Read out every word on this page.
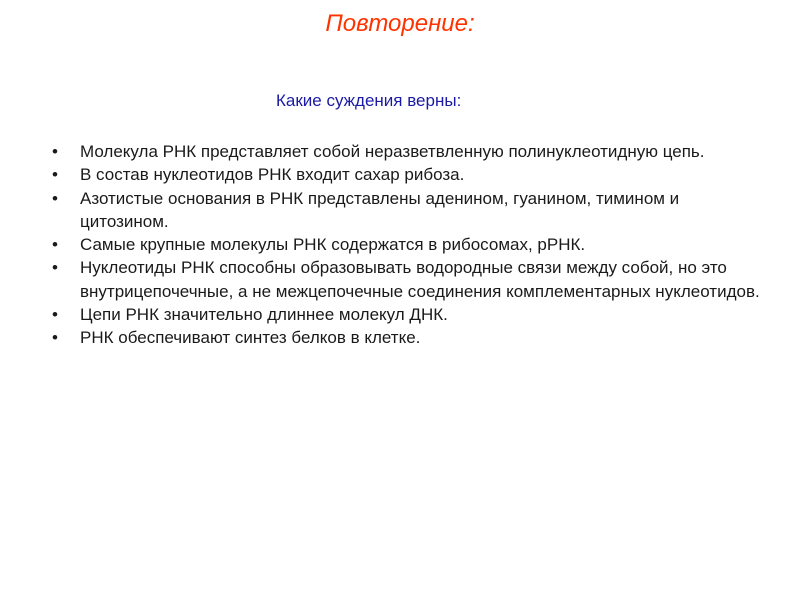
Повторение:
Какие суждения верны:
• Молекула РНК представляет собой неразветвленную полинуклеотидную цепь.
• В состав нуклеотидов РНК входит сахар рибоза.
• Азотистые основания в РНК представлены аденином, гуанином, тимином и цитозином.
• Самые крупные молекулы РНК содержатся в рибосомах, рРНК.
• Нуклеотиды РНК способны образовывать водородные связи между собой, но это внутрицепочечные, а не межцепочечные соединения комплементарных нуклеотидов.
• Цепи РНК значительно длиннее молекул ДНК.
• РНК обеспечивают синтез белков в клетке.
